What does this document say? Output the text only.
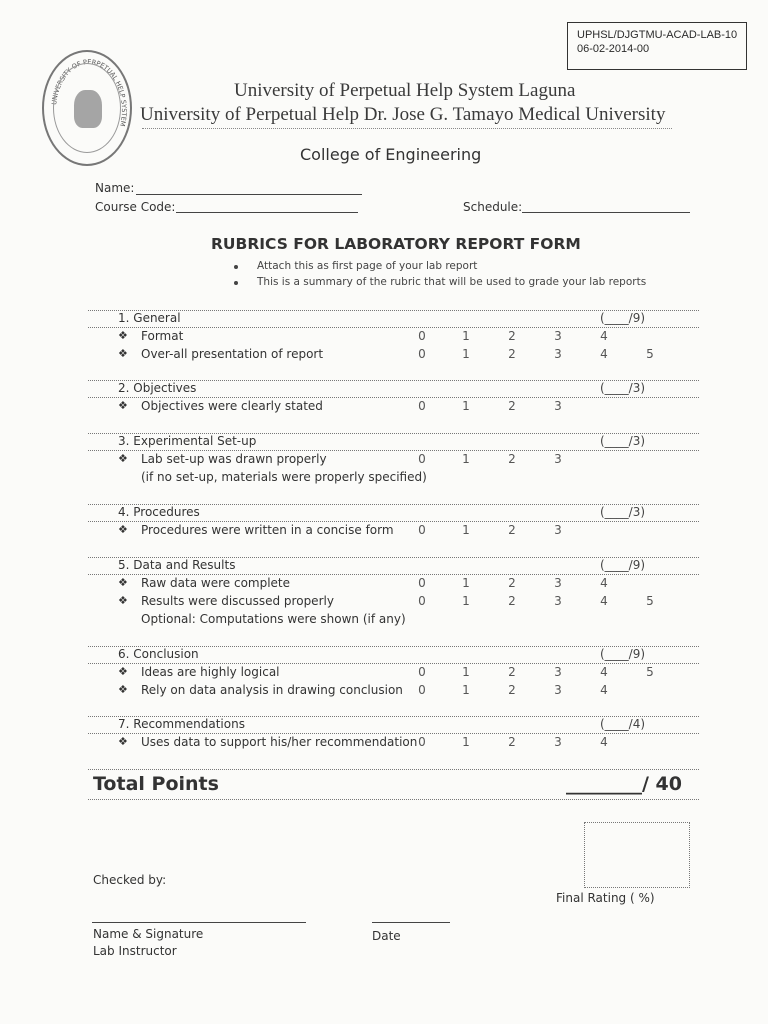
UPHSL/DJGTMU-ACAD-LAB-10
06-02-2014-00
UNIVERSITY OF PERPETUAL HELP SYSTEM
University of Perpetual Help System Laguna
University of Perpetual Help Dr. Jose G. Tamayo Medical University
College of Engineering
Name:
Course Code:	Schedule:
RUBRICS FOR LABORATORY REPORT FORM
Attach this as first page of your lab report
This is a summary of the rubric that will be used to grade your lab reports
1. General	(____/9)
❖ Format	0	1	2	3	4
❖ Over-all presentation of report	0	1	2	3	4	5
2. Objectives	(____/3)
❖ Objectives were clearly stated	0	1	2	3
3. Experimental Set-up	(____/3)
❖ Lab set-up was drawn properly	0	1	2	3
(if no set-up, materials were properly specified)
4. Procedures	(____/3)
❖ Procedures were written in a concise form 0	1	2	3
5. Data and Results	(____/9)
❖ Raw data were complete	0	1	2	3	4
❖ Results were discussed properly	0	1	2	3	4	5
Optional: Computations were shown (if any)
6. Conclusion	(____/9)
❖ Ideas are highly logical	0	1	2	3	4	5
❖ Rely on data analysis in drawing conclusion 0	1	2	3	4
7. Recommendations	(____/4)
❖ Uses data to support his/her recommendation 0	1	2	3	4
Total Points	________/ 40
Checked by:
Final Rating ( %)
Name & Signature	Date
Lab Instructor
